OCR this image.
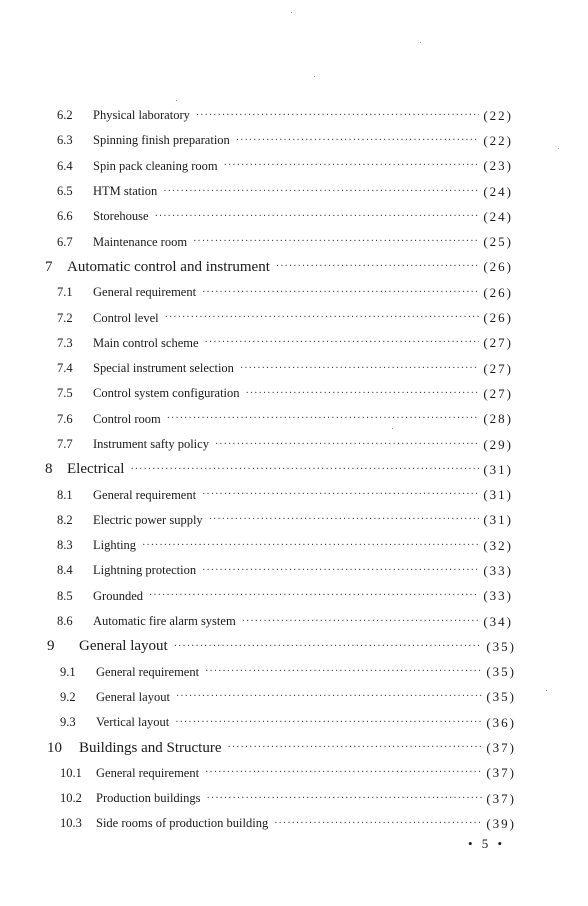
6.2	Physical laboratory ·····	(22)
6.3	Spinning finish preparation ·····	(22)
6.4	Spin pack cleaning room ·····	(23)
6.5	HTM station ·····	(24)
6.6	Storehouse ·····	(24)
6.7	Maintenance room ·····	(25)
7 Automatic control and instrument ·····	(26)
7.1	General requirement ·····	(26)
7.2	Control level ·····	(26)
7.3	Main control scheme ·····	(27)
7.4	Special instrument selection ·····	(27)
7.5	Control system configuration ·····	(27)
7.6	Control room ·····	(28)
7.7	Instrument safty policy ·····	(29)
8 Electrical ·····	(31)
8.1	General requirement ·····	(31)
8.2	Electric power supply ·····	(31)
8.3	Lighting ·····	(32)
8.4	Lightning protection ·····	(33)
8.5	Grounded ·····	(33)
8.6	Automatic fire alarm system ·····	(34)
9	General layout ·····	(35)
9.1	General requirement ·····	(35)
9.2	General layout ·····	(35)
9.3	Vertical layout ·····	(36)
10	Buildings and Structure ·····	(37)
10.1	General requirement ·····	(37)
10.2	Production buildings ·····	(37)
10.3	Side rooms of production building ·····	(39)
• 5 •
